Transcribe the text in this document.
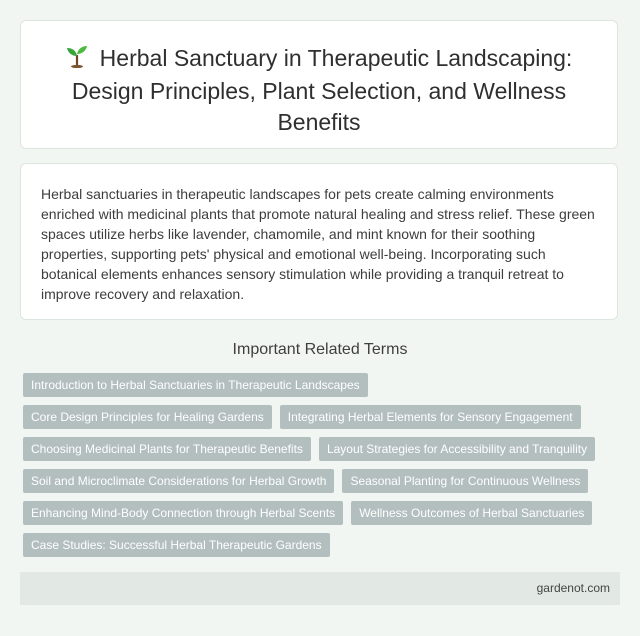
Herbal Sanctuary in Therapeutic Landscaping: Design Principles, Plant Selection, and Wellness Benefits

Herbal sanctuaries in therapeutic landscapes for pets create calming environments enriched with medicinal plants that promote natural healing and stress relief. These green spaces utilize herbs like lavender, chamomile, and mint known for their soothing properties, supporting pets' physical and emotional well-being. Incorporating such botanical elements enhances sensory stimulation while providing a tranquil retreat to improve recovery and relaxation.

Important Related Terms
Introduction to Herbal Sanctuaries in Therapeutic Landscapes
Core Design Principles for Healing Gardens	Integrating Herbal Elements for Sensory Engagement
Choosing Medicinal Plants for Therapeutic Benefits	Layout Strategies for Accessibility and Tranquility
Soil and Microclimate Considerations for Herbal Growth	Seasonal Planting for Continuous Wellness
Enhancing Mind-Body Connection through Herbal Scents	Wellness Outcomes of Herbal Sanctuaries
Case Studies: Successful Herbal Therapeutic Gardens
gardenot.com
